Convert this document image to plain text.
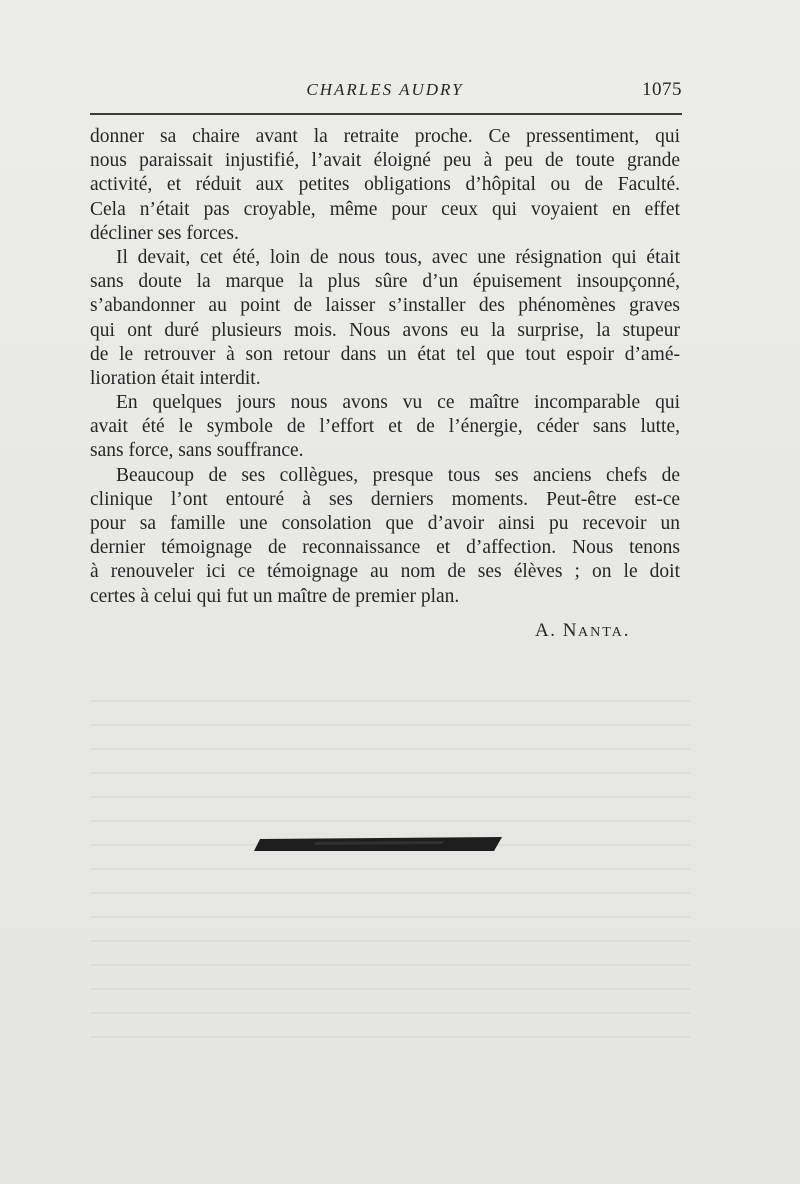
CHARLES AUDRY	1075
donner sa chaire avant la retraite proche. Ce pressentiment, qui
nous paraissait injustifié, l’avait éloigné peu à peu de toute grande
activité, et réduit aux petites obligations d’hôpital ou de Faculté.
Cela n’était pas croyable, même pour ceux qui voyaient en effet
décliner ses forces.
Il devait, cet été, loin de nous tous, avec une résignation qui était
sans doute la marque la plus sûre d’un épuisement insoupçonné,
s’abandonner au point de laisser s’installer des phénomènes graves
qui ont duré plusieurs mois. Nous avons eu la surprise, la stupeur
de le retrouver à son retour dans un état tel que tout espoir d’amé-
lioration était interdit.
En quelques jours nous avons vu ce maître incomparable qui
avait été le symbole de l’effort et de l’énergie, céder sans lutte,
sans force, sans souffrance.
Beaucoup de ses collègues, presque tous ses anciens chefs de
clinique l’ont entouré à ses derniers moments. Peut-être est-ce
pour sa famille une consolation que d’avoir ainsi pu recevoir un
dernier témoignage de reconnaissance et d’affection. Nous tenons
à renouveler ici ce témoignage au nom de ses élèves ; on le doit
certes à celui qui fut un maître de premier plan.
A. NANTA.
